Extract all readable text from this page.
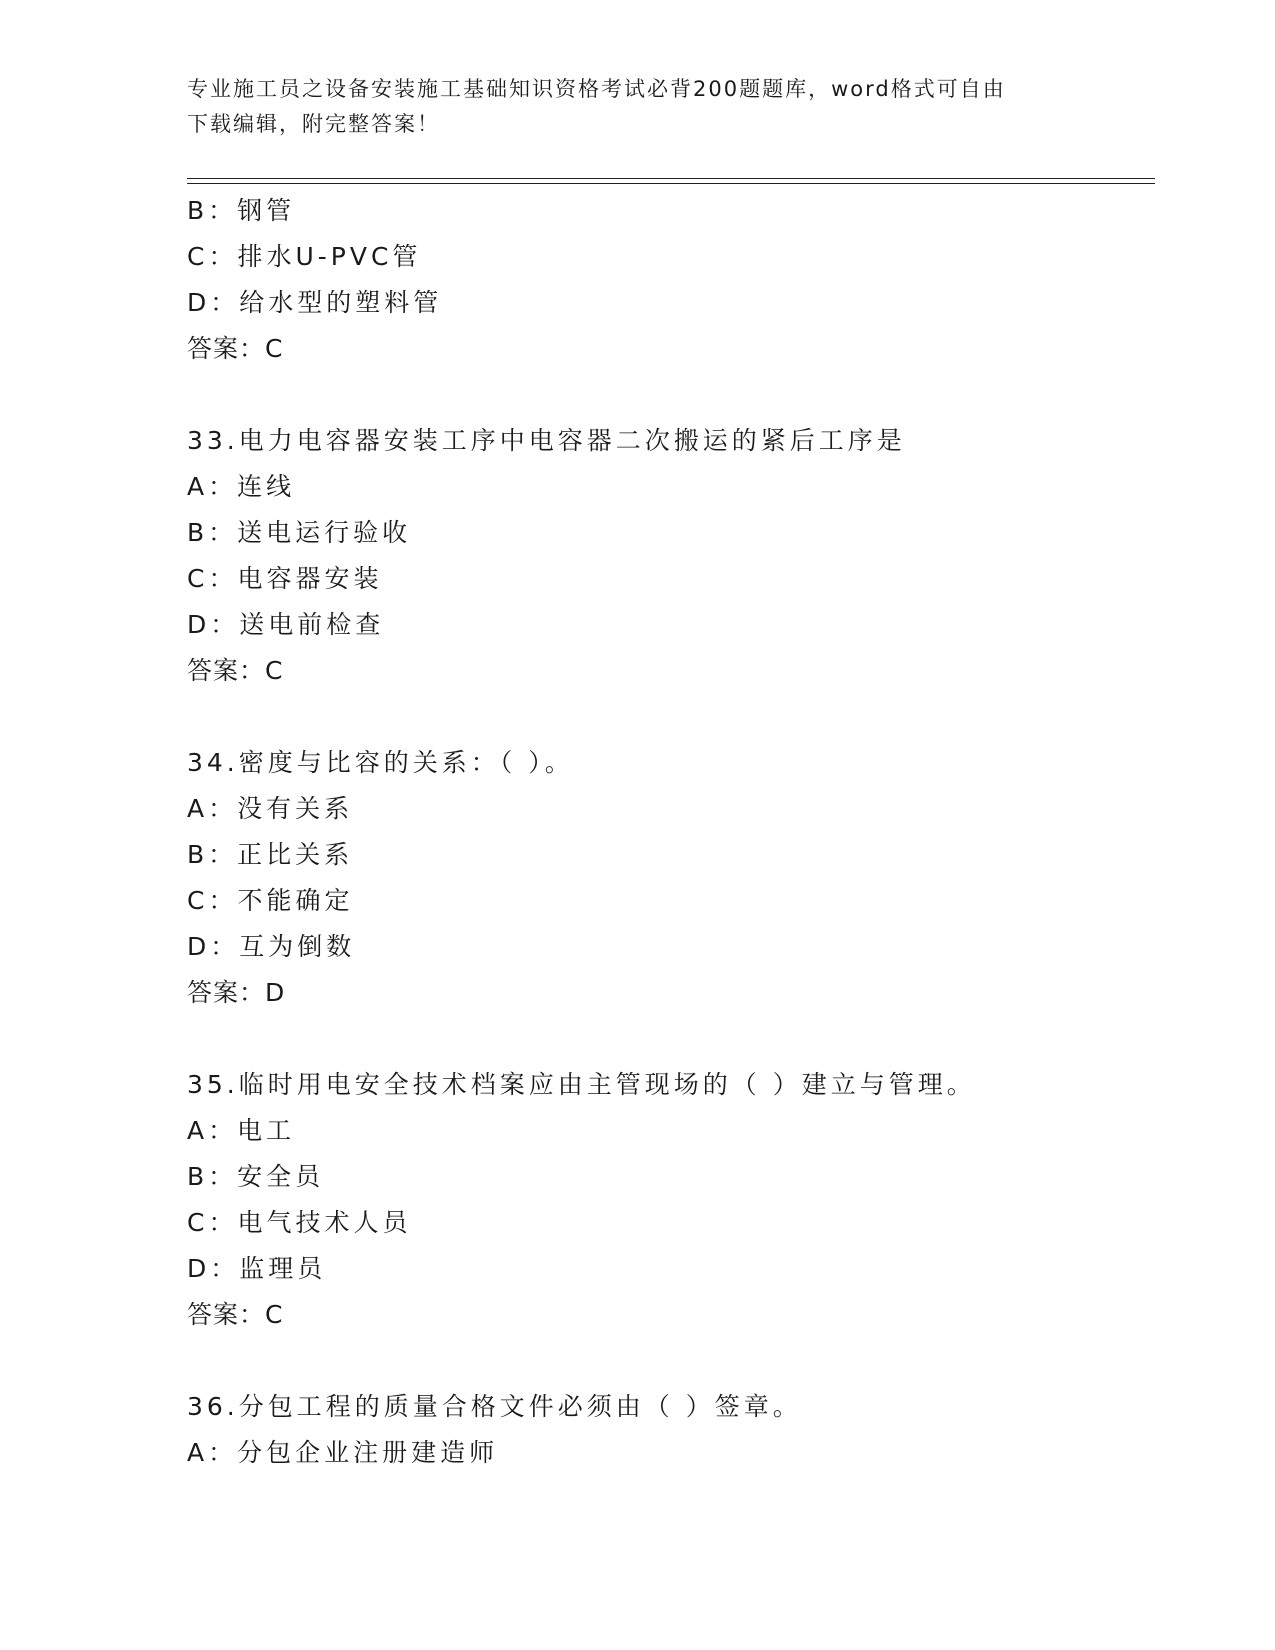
专业施工员之设备安装施工基础知识资格考试必背200题题库，word格式可自由
下载编辑，附完整答案！
B：钢管
C：排水U-PVC管
D：给水型的塑料管
答案：C
33.电力电容器安装工序中电容器二次搬运的紧后工序是
A：连线
B：送电运行验收
C：电容器安装
D：送电前检查
答案：C
34.密度与比容的关系：（ ）。
A：没有关系
B：正比关系
C：不能确定
D：互为倒数
答案：D
35.临时用电安全技术档案应由主管现场的（ ）建立与管理。
A：电工
B：安全员
C：电气技术人员
D：监理员
答案：C
36.分包工程的质量合格文件必须由（ ）签章。
A：分包企业注册建造师
